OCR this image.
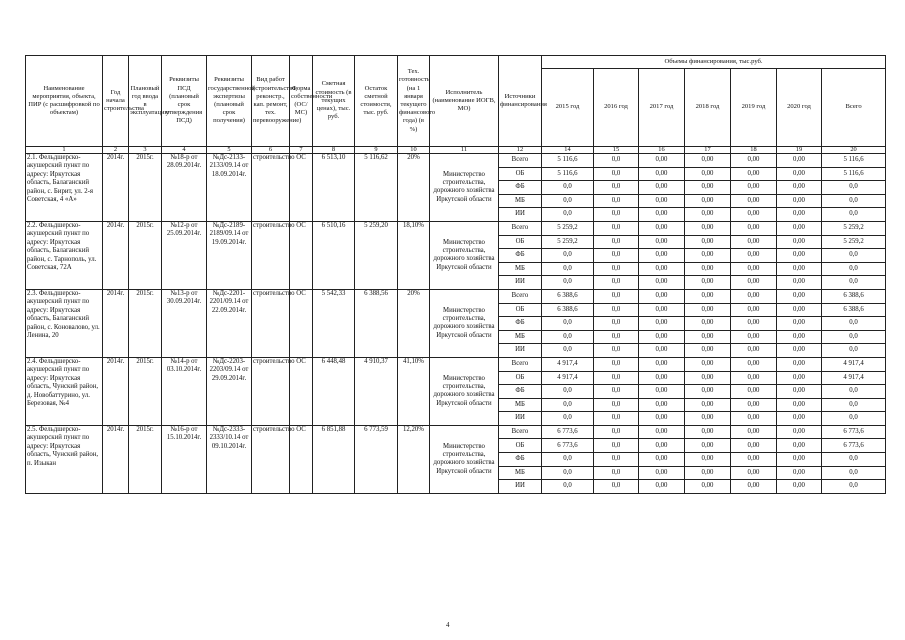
Наименование мероприятия, объекта, ПИР (с расшифровкой по объектам)	Год начала строительства	Плановый год ввода в эксплуатацию	Реквизиты ПСД (плановый срок утверждения ПСД)	Реквизиты государственной экспертизы (плановый срок получения)	Вид работ (строительство, реконстр., кап. ремонт, тех. перевооружение)	Форма собственности (ОС/МС)	Сметная стоимость (в текущих ценах), тыс. руб.	Остаток сметной стоимости, тыс. руб.	Тех. готовность (на 1 января текущего финансового года) (в %)	Исполнитель (наименование ИОГВ, МО)	Источники финансирования	Объемы финансирования, тыс.руб.						
												2015 год	2016 год	2017 год	2018 год	2019 год	2020 год	Всего
1	2	3	4	5	6	7	8	9	10	11	12	14	15	16	17	18	19	20
2.1. Фельдшерско-акушерский пункт по адресу: Иркутская область, Балаганский район, с. Бирит, ул. 2-я Советская, 4 «А»	2014г.	2015г.	№18-р от 28.09.2014г.	№Дс-2133-2133/09.14 от 18.09.2014г.	строительство	ОС	6 513,10	5 116,62	20%	Министерство строительства, дорожного хозяйства Иркутской области	Всего	5 116,6	0,0	0,00	0,00	0,00	0,00	5 116,6
											ОБ	5 116,6	0,0	0,00	0,00	0,00	0,00	5 116,6
											ФБ	0,0	0,0	0,00	0,00	0,00	0,00	0,0
											МБ	0,0	0,0	0,00	0,00	0,00	0,00	0,0
											ИИ	0,0	0,0	0,00	0,00	0,00	0,00	0,0
2.2. Фельдшерско-акушерский пункт по адресу: Иркутская область, Балаганский район, с. Тарнополь, ул. Советская, 72А	2014г.	2015г.	№12-р от 25.09.2014г.	№Дс-2189-2189/09.14 от 19.09.2014г.	строительство	ОС	6 510,16	5 259,20	18,10%	Министерство строительства, дорожного хозяйства Иркутской области	Всего	5 259,2	0,0	0,00	0,00	0,00	0,00	5 259,2
											ОБ	5 259,2	0,0	0,00	0,00	0,00	0,00	5 259,2
											ФБ	0,0	0,0	0,00	0,00	0,00	0,00	0,0
											МБ	0,0	0,0	0,00	0,00	0,00	0,00	0,0
											ИИ	0,0	0,0	0,00	0,00	0,00	0,00	0,0
2.3. Фельдшерско-акушерский пункт по адресу: Иркутская область, Балаганский район, с. Коновалово, ул. Ленина, 20	2014г.	2015г.	№13-р от 30.09.2014г.	№Дс-2201-2201/09.14 от 22.09.2014г.	строительство	ОС	5 542,33	6 388,56	20%	Министерство строительства, дорожного хозяйства Иркутской области	Всего	6 388,6	0,0	0,00	0,00	0,00	0,00	6 388,6
											ОБ	6 388,6	0,0	0,00	0,00	0,00	0,00	6 388,6
											ФБ	0,0	0,0	0,00	0,00	0,00	0,00	0,0
											МБ	0,0	0,0	0,00	0,00	0,00	0,00	0,0
											ИИ	0,0	0,0	0,00	0,00	0,00	0,00	0,0
2.4. Фельдшерско-акушерский пункт по адресу: Иркутская область, Чунский район, д. Новобаттурино, ул. Березовая, №4	2014г.	2015г.	№14-р от 03.10.2014г.	№Дс-2203-2203/09.14 от 29.09.2014г.	строительство	ОС	6 448,48	4 910,37	41,10%	Министерство строительства, дорожного хозяйства Иркутской области	Всего	4 917,4	0,0	0,00	0,00	0,00	0,00	4 917,4
											ОБ	4 917,4	0,0	0,00	0,00	0,00	0,00	4 917,4
											ФБ	0,0	0,0	0,00	0,00	0,00	0,00	0,0
											МБ	0,0	0,0	0,00	0,00	0,00	0,00	0,0
											ИИ	0,0	0,0	0,00	0,00	0,00	0,00	0,0
2.5. Фельдшерско-акушерский пункт по адресу: Иркутская область, Чунский район, п. Изыкан	2014г.	2015г.	№16-р от 15.10.2014г.	№Дс-2333-2333/10.14 от 09.10.2014г.	строительство	ОС	6 851,88	6 773,59	12,20%	Министерство строительства, дорожного хозяйства Иркутской области	Всего	6 773,6	0,0	0,00	0,00	0,00	0,00	6 773,6
											ОБ	6 773,6	0,0	0,00	0,00	0,00	0,00	6 773,6
											ФБ	0,0	0,0	0,00	0,00	0,00	0,00	0,0
											МБ	0,0	0,0	0,00	0,00	0,00	0,00	0,0
											ИИ	0,0	0,0	0,00	0,00	0,00	0,00	0,0
4
